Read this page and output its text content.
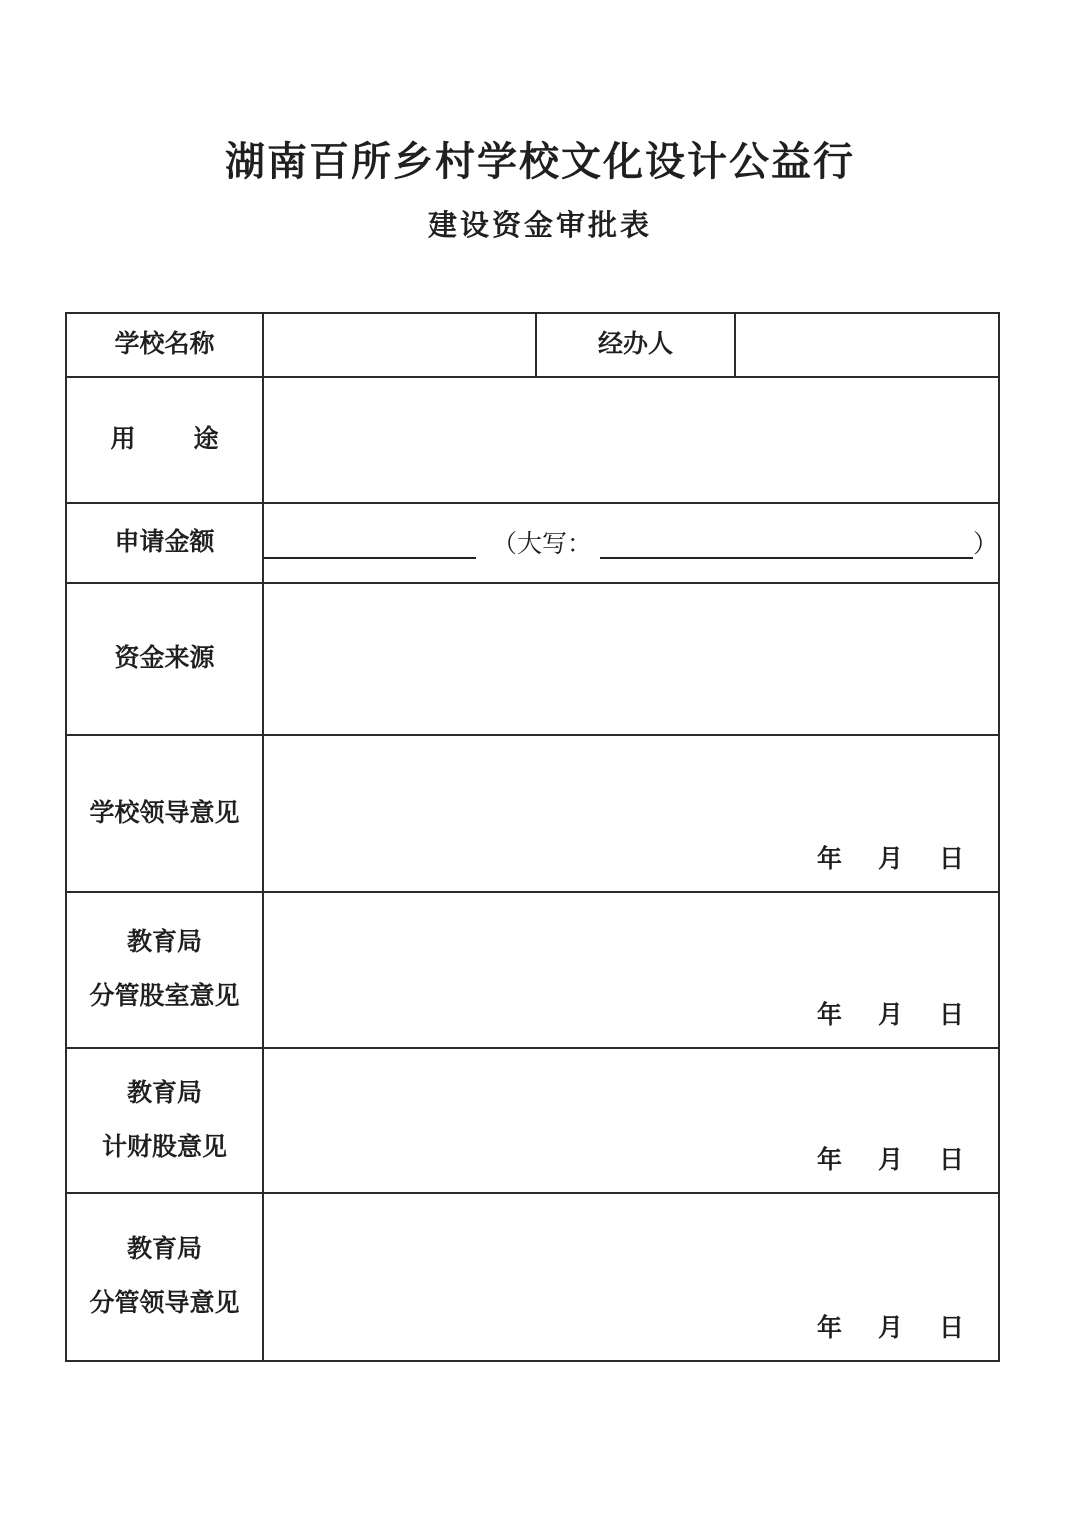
湖南百所乡村学校文化设计公益行
建设资金审批表
学校名称		经办人	

用 途			

申请金额	（大写： ）		

资金来源			
学校领导意见	年 月 日		

教育局
分管股室意见

年 月 日

教育局
计财股意见	年 月 日

教育局
分管领导意见

年 月 日
